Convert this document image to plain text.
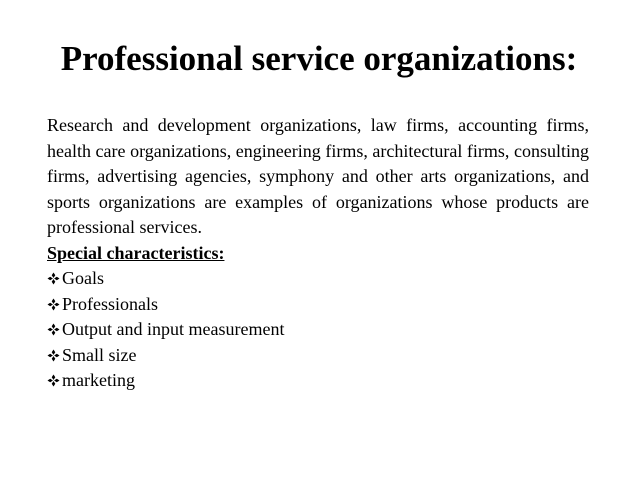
Professional service organizations:

Research and development organizations, law firms, accounting firms, health care organizations, engineering firms, architectural firms, consulting firms, advertising agencies, symphony and other arts organizations, and sports organizations are examples of organizations whose products are professional services.

Special characteristics:

Goals
Professionals
Output and input measurement
Small size
marketing
